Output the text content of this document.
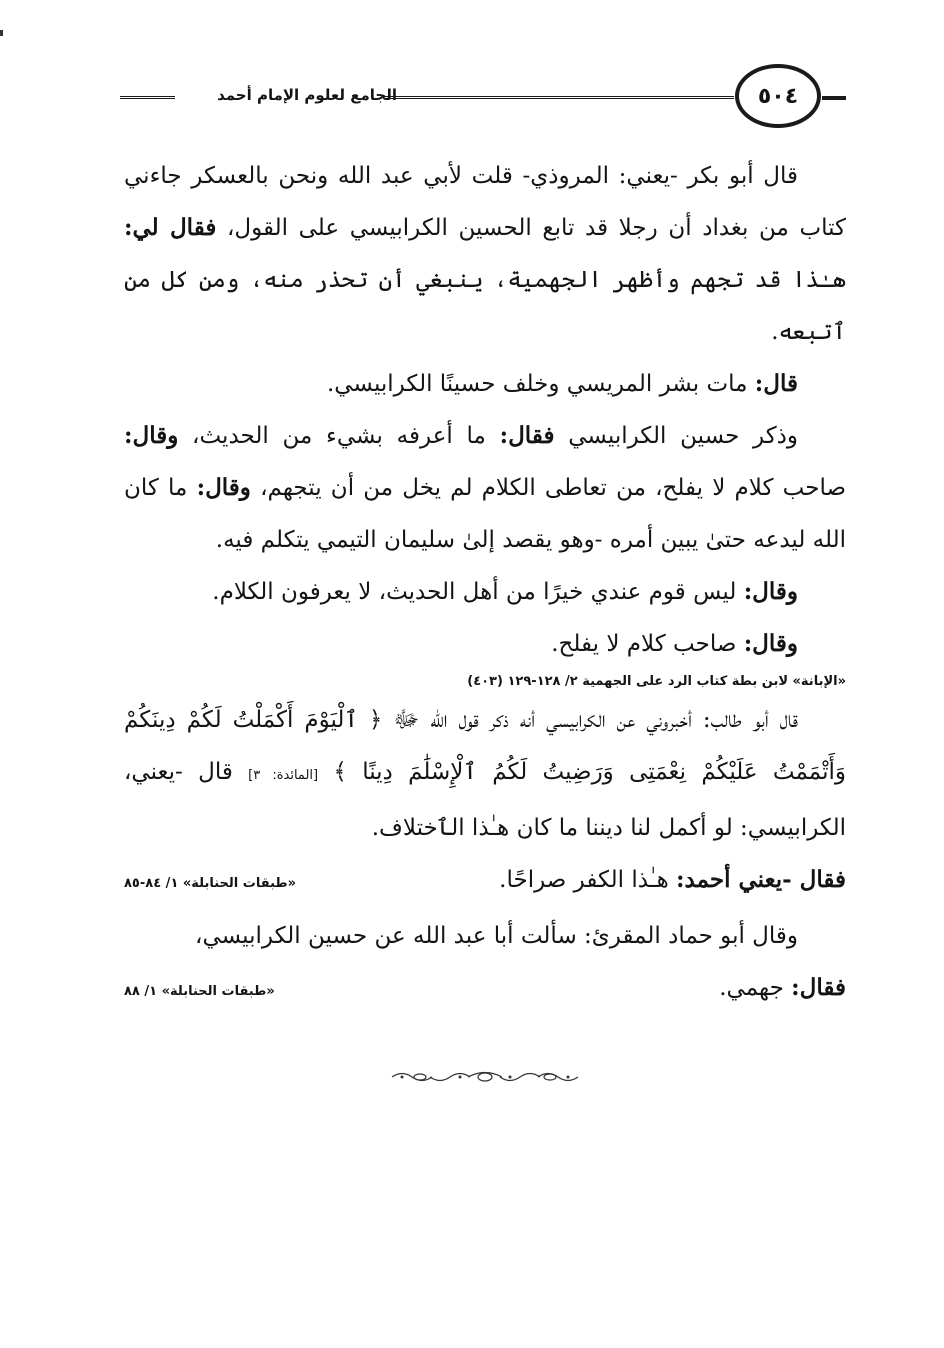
الجامع لعلوم الإمام أحمد	٥٠٤

قال أبو بكر -يعني: المروذي- قلت لأبي عبد الله ونحن بالعسكر جاءني كتاب من بغداد أن رجلا قد تابع الحسين الكرابيسي على القول، فقال لي: هـٰذا قد تجهم وأظهر الجهمية، ينبغي أن تحذر منه، ومن كل من ٱتبعه.

قال: مات بشر المريسي وخلف حسينًا الكرابيسي.

وذكر حسين الكرابيسي فقال: ما أعرفه بشيء من الحديث، وقال: صاحب كلام لا يفلح، من تعاطى الكلام لم يخل من أن يتجهم، وقال: ما كان الله ليدعه حتىٰ يبين أمره -وهو يقصد إلىٰ سليمان التيمي يتكلم فيه.

وقال: ليس قوم عندي خيرًا من أهل الحديث، لا يعرفون الكلام.

وقال: صاحب كلام لا يفلح.

«الإبانة» لابن بطة كتاب الرد على الجهمية ٢/ ١٢٨-١٢٩ (٤٠٣)

قال أبو طالب: أخبروني عن الكرابيسي أنه ذكر قول الله ﷻ ﴿ ٱلْيَوْمَ أَكْمَلْتُ لَكُمْ دِينَكُمْ وَأَتْمَمْتُ عَلَيْكُمْ نِعْمَتِى وَرَضِيتُ لَكُمُ ٱلْإِسْلَٰمَ دِينًا ﴾ [المائدة: ٣] قال -يعني، الكرابيسي: لو أكمل لنا ديننا ما كان هـٰذا الٱختلاف.

فقال -يعني أحمد: هـٰذا الكفر صراحًا.

«طبقات الحنابلة» ١/ ٨٤-٨٥

وقال أبو حماد المقرئ: سألت أبا عبد الله عن حسين الكرابيسي،

فقال: جهمي.

«طبقات الحنابلة» ١/ ٨٨
